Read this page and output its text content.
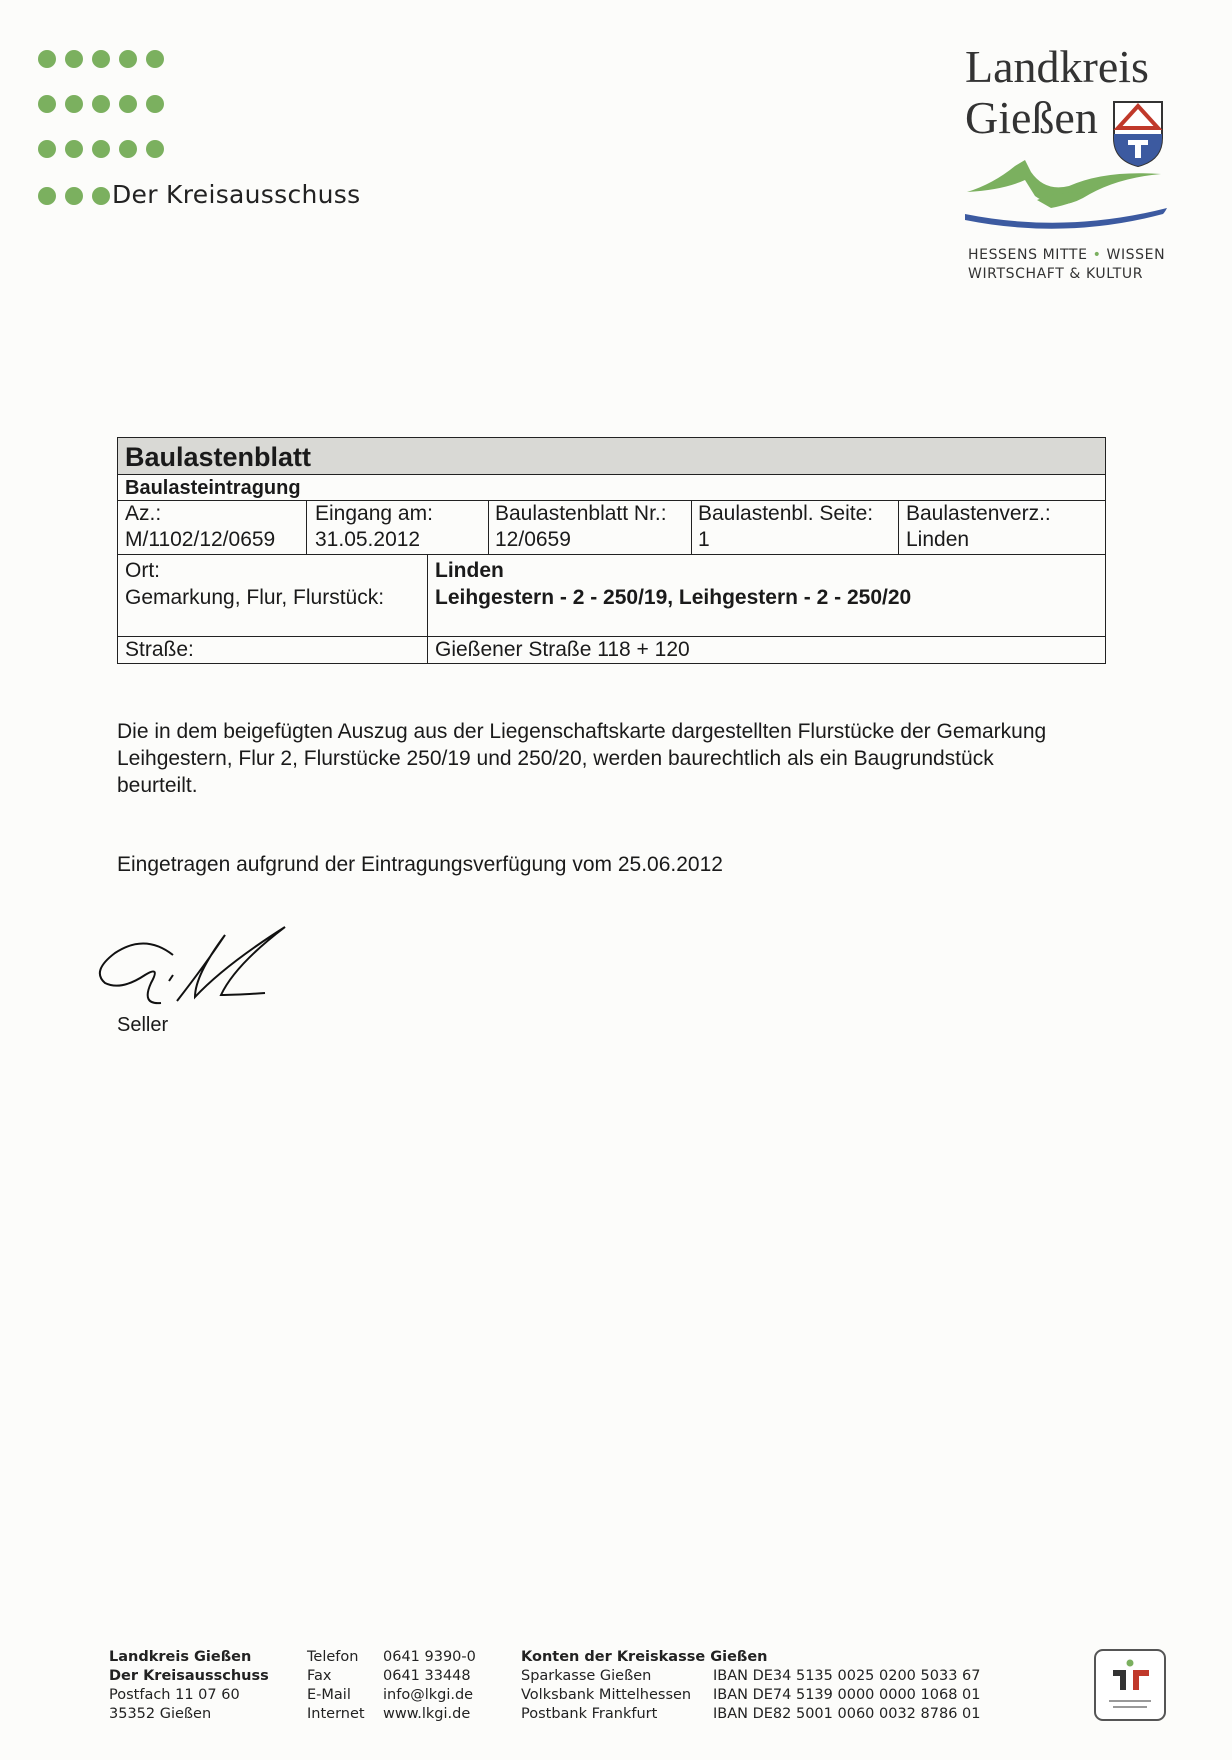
Der Kreisausschuss
Landkreis
Gießen
HESSENS MITTE • WISSEN
WIRTSCHAFT & KULTUR
Baulastenblatt
Baulasteintragung
Az.:
M/1102/12/0659
Eingang am:
31.05.2012
Baulastenblatt Nr.:
12/0659
Baulastenbl. Seite:
1
Baulastenverz.:
Linden
Ort:
Gemarkung, Flur, Flurstück:
Linden
Leihgestern - 2 - 250/19, Leihgestern - 2 - 250/20
Straße:	Gießener Straße 118 + 120
Die in dem beigefügten Auszug aus der Liegenschaftskarte dargestellten Flurstücke der Gemarkung Leihgestern, Flur 2, Flurstücke 250/19 und 250/20, werden baurechtlich als ein Baugrundstück beurteilt.
Eingetragen aufgrund der Eintragungsverfügung vom 25.06.2012
Seller
Landkreis Gießen
Der Kreisausschuss
Postfach 11 07 60
35352 Gießen
Telefon
Fax
E-Mail
Internet
0641 9390-0
0641 33448
info@lkgi.de
www.lkgi.de
Konten der Kreiskasse Gießen
Sparkasse Gießen
Volksbank Mittelhessen
Postbank Frankfurt
IBAN DE34 5135 0025 0200 5033 67
IBAN DE74 5139 0000 0000 1068 01
IBAN DE82 5001 0060 0032 8786 01
